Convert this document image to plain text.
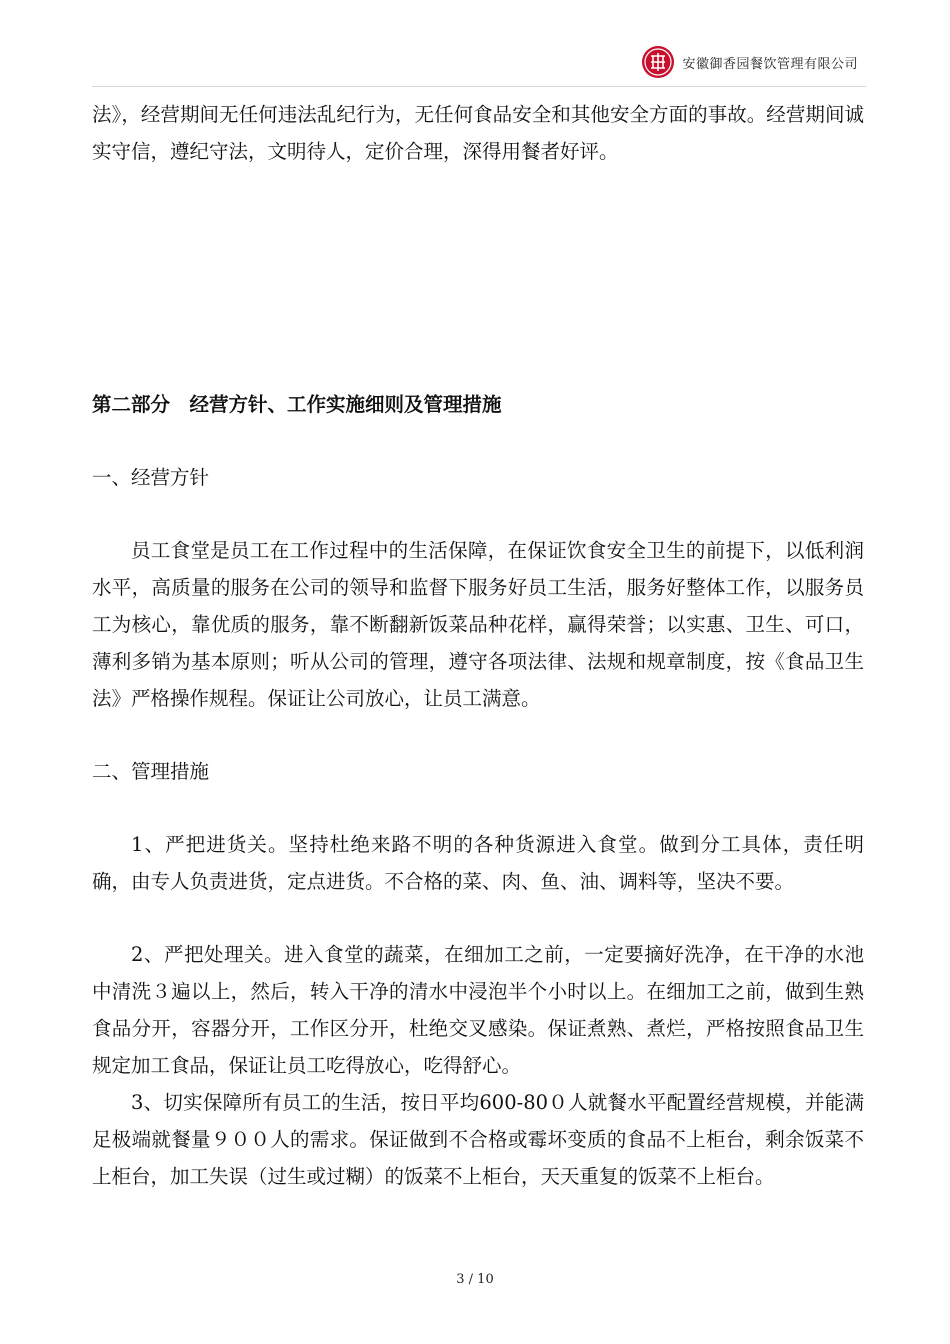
安徽御香园餐饮管理有限公司

法》，经营期间无任何违法乱纪行为，无任何食品安全和其他安全方面的事故。经营期间诚实守信，遵纪守法，文明待人，定价合理，深得用餐者好评。

第二部分　经营方针、工作实施细则及管理措施

一、经营方针

员工食堂是员工在工作过程中的生活保障，在保证饮食安全卫生的前提下，以低利润水平，高质量的服务在公司的领导和监督下服务好员工生活，服务好整体工作，以服务员工为核心，靠优质的服务，靠不断翻新饭菜品种花样，赢得荣誉；以实惠、卫生、可口，薄利多销为基本原则；听从公司的管理，遵守各项法律、法规和规章制度，按《食品卫生法》严格操作规程。保证让公司放心，让员工满意。

二、管理措施

1、严把进货关。坚持杜绝来路不明的各种货源进入食堂。做到分工具体，责任明确，由专人负责进货，定点进货。不合格的菜、肉、鱼、油、调料等，坚决不要。

2、严把处理关。进入食堂的蔬菜，在细加工之前，一定要摘好洗净，在干净的水池中清洗３遍以上，然后，转入干净的清水中浸泡半个小时以上。在细加工之前，做到生熟食品分开，容器分开，工作区分开，杜绝交叉感染。保证煮熟、煮烂，严格按照食品卫生规定加工食品，保证让员工吃得放心，吃得舒心。

3、切实保障所有员工的生活，按日平均600-80０人就餐水平配置经营规模，并能满足极端就餐量９００人的需求。保证做到不合格或霉坏变质的食品不上柜台，剩余饭菜不上柜台，加工失误（过生或过糊）的饭菜不上柜台，天天重复的饭菜不上柜台。

3 / 10
